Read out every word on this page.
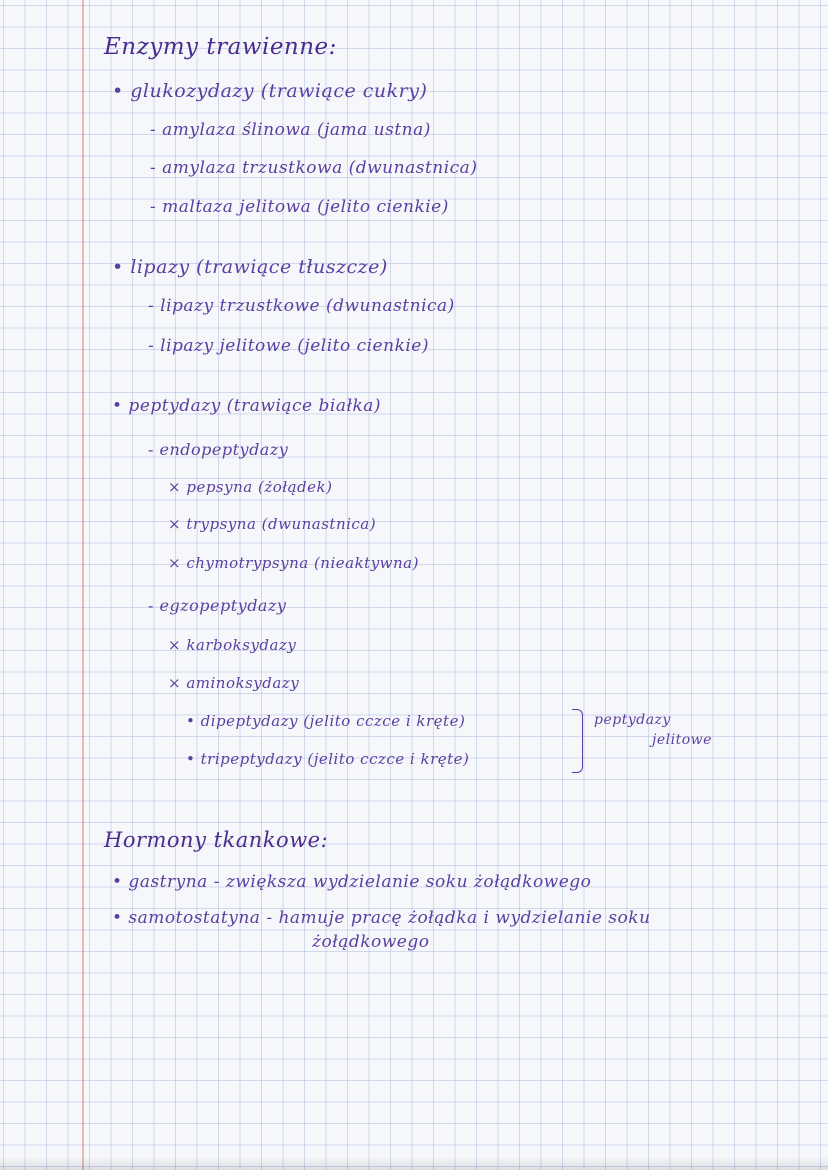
Enzymy trawienne:
• glukozydazy (trawiące cukry)
- amylaza ślinowa (jama ustna)
- amylaza trzustkowa (dwunastnica)
- maltaza jelitowa (jelito cienkie)
• lipazy (trawiące tłuszcze)
- lipazy trzustkowe (dwunastnica)
- lipazy jelitowe (jelito cienkie)
• peptydazy (trawiące białka)
- endopeptydazy
× pepsyna (żołądek)
× trypsyna (dwunastnica)
× chymotrypsyna (nieaktywna)
- egzopeptydazy
× karboksydazy
× aminoksydazy
• dipeptydazy (jelito cczce i kręte)
• tripeptydazy (jelito cczce i kręte)
peptydazy
jelitowe
Hormony tkankowe:
• gastryna - zwiększa wydzielanie soku żołądkowego
• samotostatyna - hamuje pracę żołądka i wydzielanie soku
żołądkowego
